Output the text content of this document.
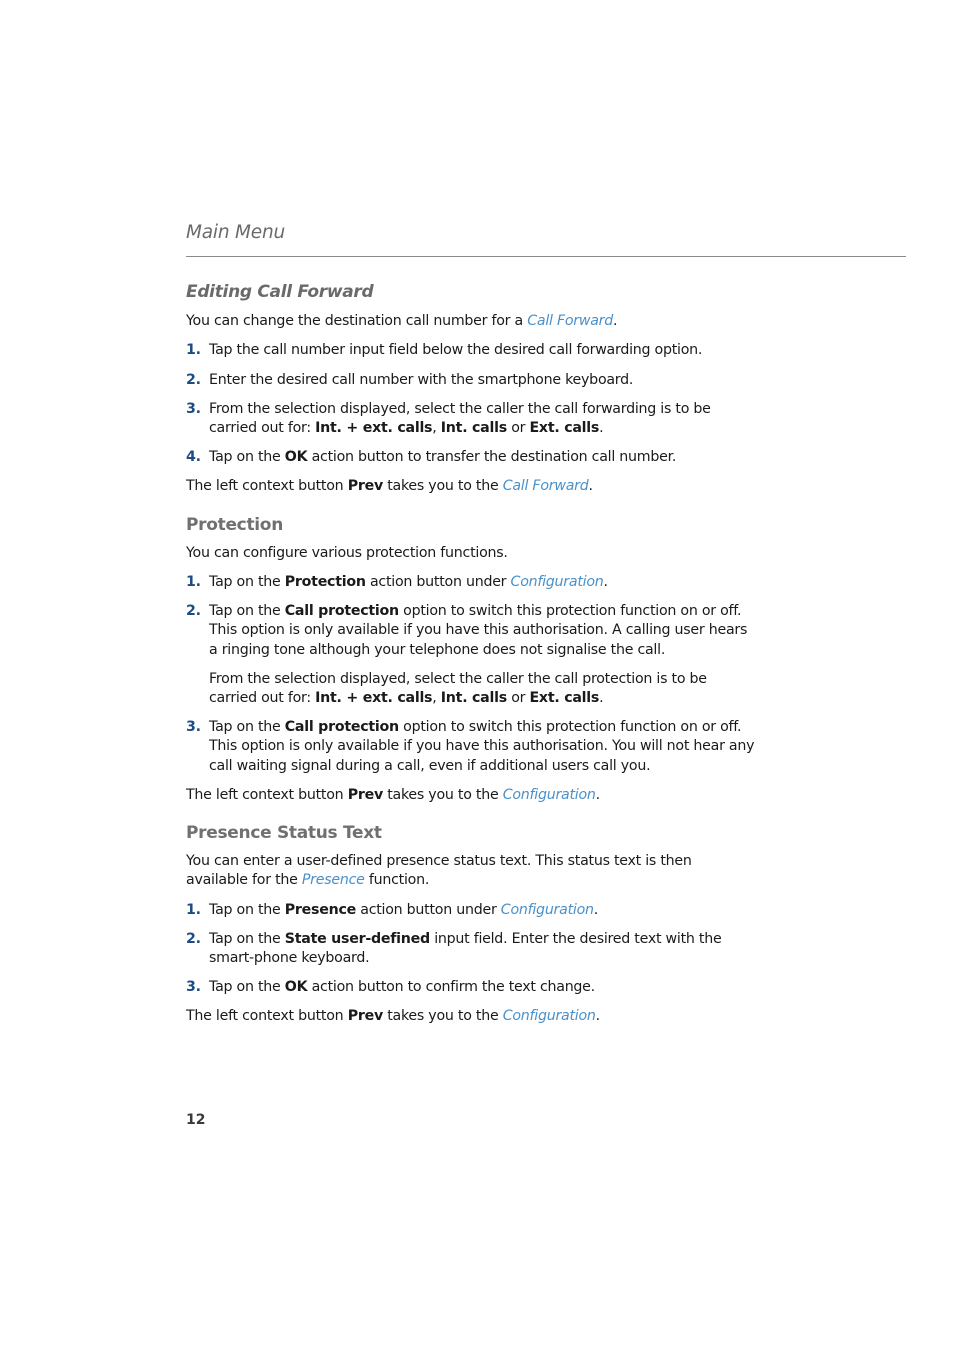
Main Menu
Editing Call Forward

You can change the destination call number for a Call Forward.

1. Tap the call number input field below the desired call forwarding option.
2. Enter the desired call number with the smartphone keyboard.
3. From the selection displayed, select the caller the call forwarding is to be carried out for: Int. + ext. calls, Int. calls or Ext. calls.
4. Tap on the OK action button to transfer the destination call number.

The left context button Prev takes you to the Call Forward.

Protection

You can configure various protection functions.

1. Tap on the Protection action button under Configuration.
2. Tap on the Call protection option to switch this protection function on or off. This option is only available if you have this authorisation. A calling user hears a ringing tone although your telephone does not signalise the call.
From the selection displayed, select the caller the call protection is to be carried out for: Int. + ext. calls, Int. calls or Ext. calls.
3. Tap on the Call protection option to switch this protection function on or off. This option is only available if you have this authorisation. You will not hear any call waiting signal during a call, even if additional users call you.

The left context button Prev takes you to the Configuration.

Presence Status Text

You can enter a user-defined presence status text. This status text is then available for the Presence function.

1. Tap on the Presence action button under Configuration.
2. Tap on the State user-defined input field. Enter the desired text with the smart-phone keyboard.
3. Tap on the OK action button to confirm the text change.

The left context button Prev takes you to the Configuration.

12
